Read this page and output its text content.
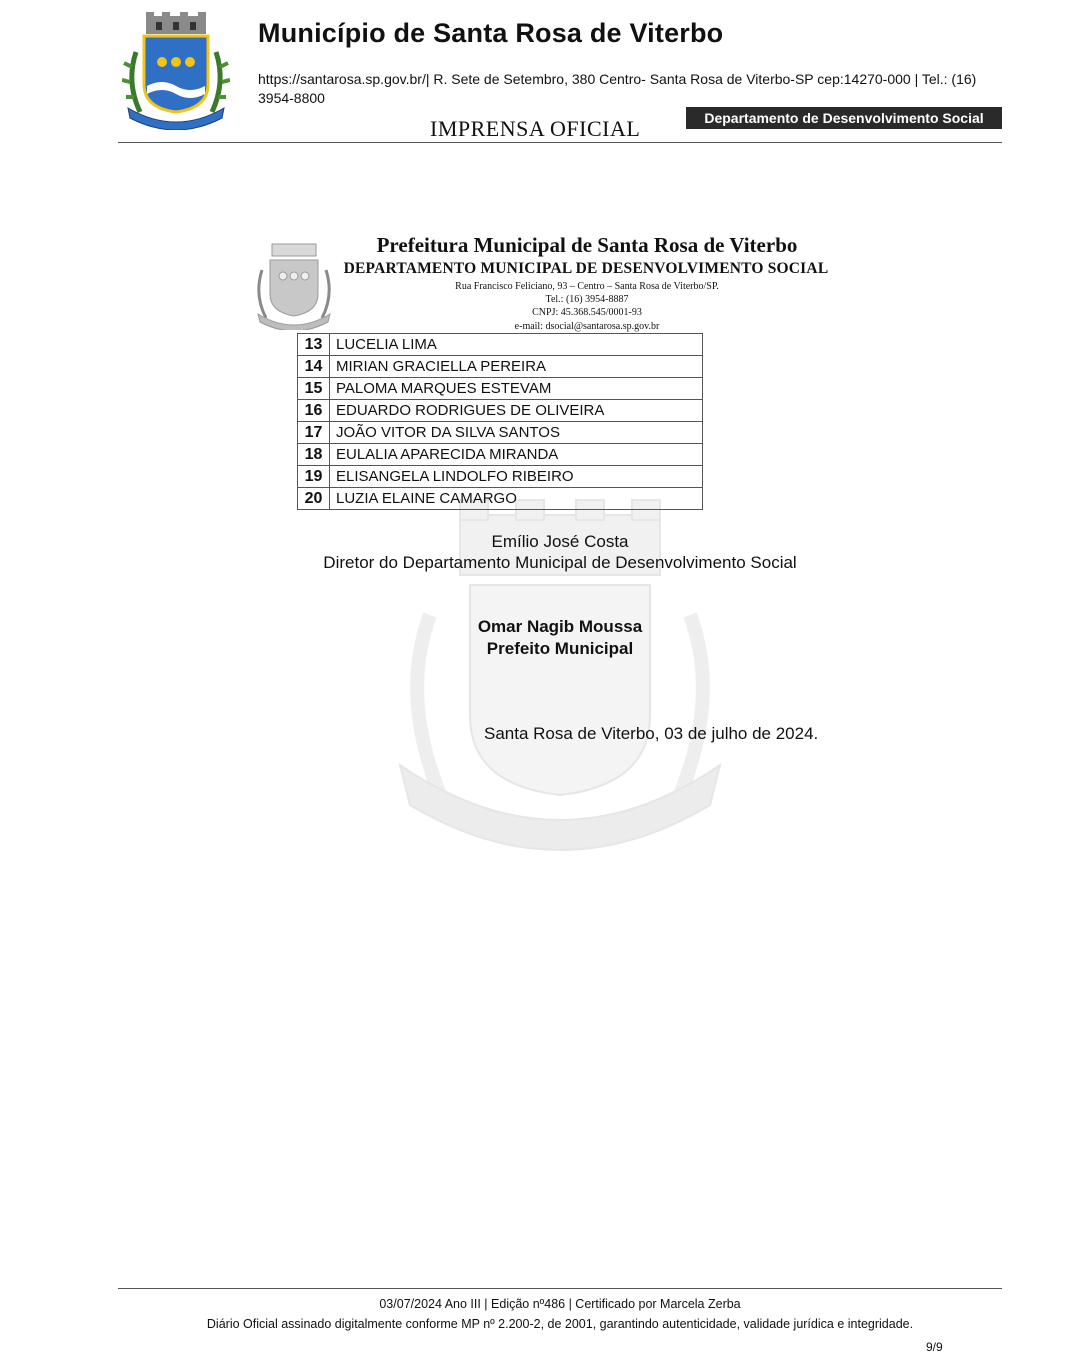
Município de Santa Rosa de Viterbo
https://santarosa.sp.gov.br/| R. Sete de Setembro, 380 Centro- Santa Rosa de Viterbo-SP cep:14270-000 | Tel.: (16) 3954-8800
IMPRENSA OFICIAL	Departamento de Desenvolvimento Social
Prefeitura Municipal de Santa Rosa de Viterbo
DEPARTAMENTO MUNICIPAL DE DESENVOLVIMENTO SOCIAL
Rua Francisco Feliciano, 93 – Centro – Santa Rosa de Viterbo/SP.
Tel.: (16) 3954-8887
CNPJ: 45.368.545/0001-93
e-mail: dsocial@santarosa.sp.gov.br
13	LUCELIA LIMA
14	MIRIAN GRACIELLA PEREIRA
15	PALOMA MARQUES ESTEVAM
16	EDUARDO RODRIGUES DE OLIVEIRA
17	JOÃO VITOR DA SILVA SANTOS
18	EULALIA APARECIDA MIRANDA
19	ELISANGELA LINDOLFO RIBEIRO
20	LUZIA ELAINE CAMARGO
Emílio José Costa
Diretor do Departamento Municipal de Desenvolvimento Social
Omar Nagib Moussa
Prefeito Municipal
Santa Rosa de Viterbo, 03 de julho de 2024.
03/07/2024 Ano III | Edição nº486 | Certificado por Marcela Zerba
Diário Oficial assinado digitalmente conforme MP nº 2.200-2, de 2001, garantindo autenticidade, validade jurídica e integridade.
9/9
